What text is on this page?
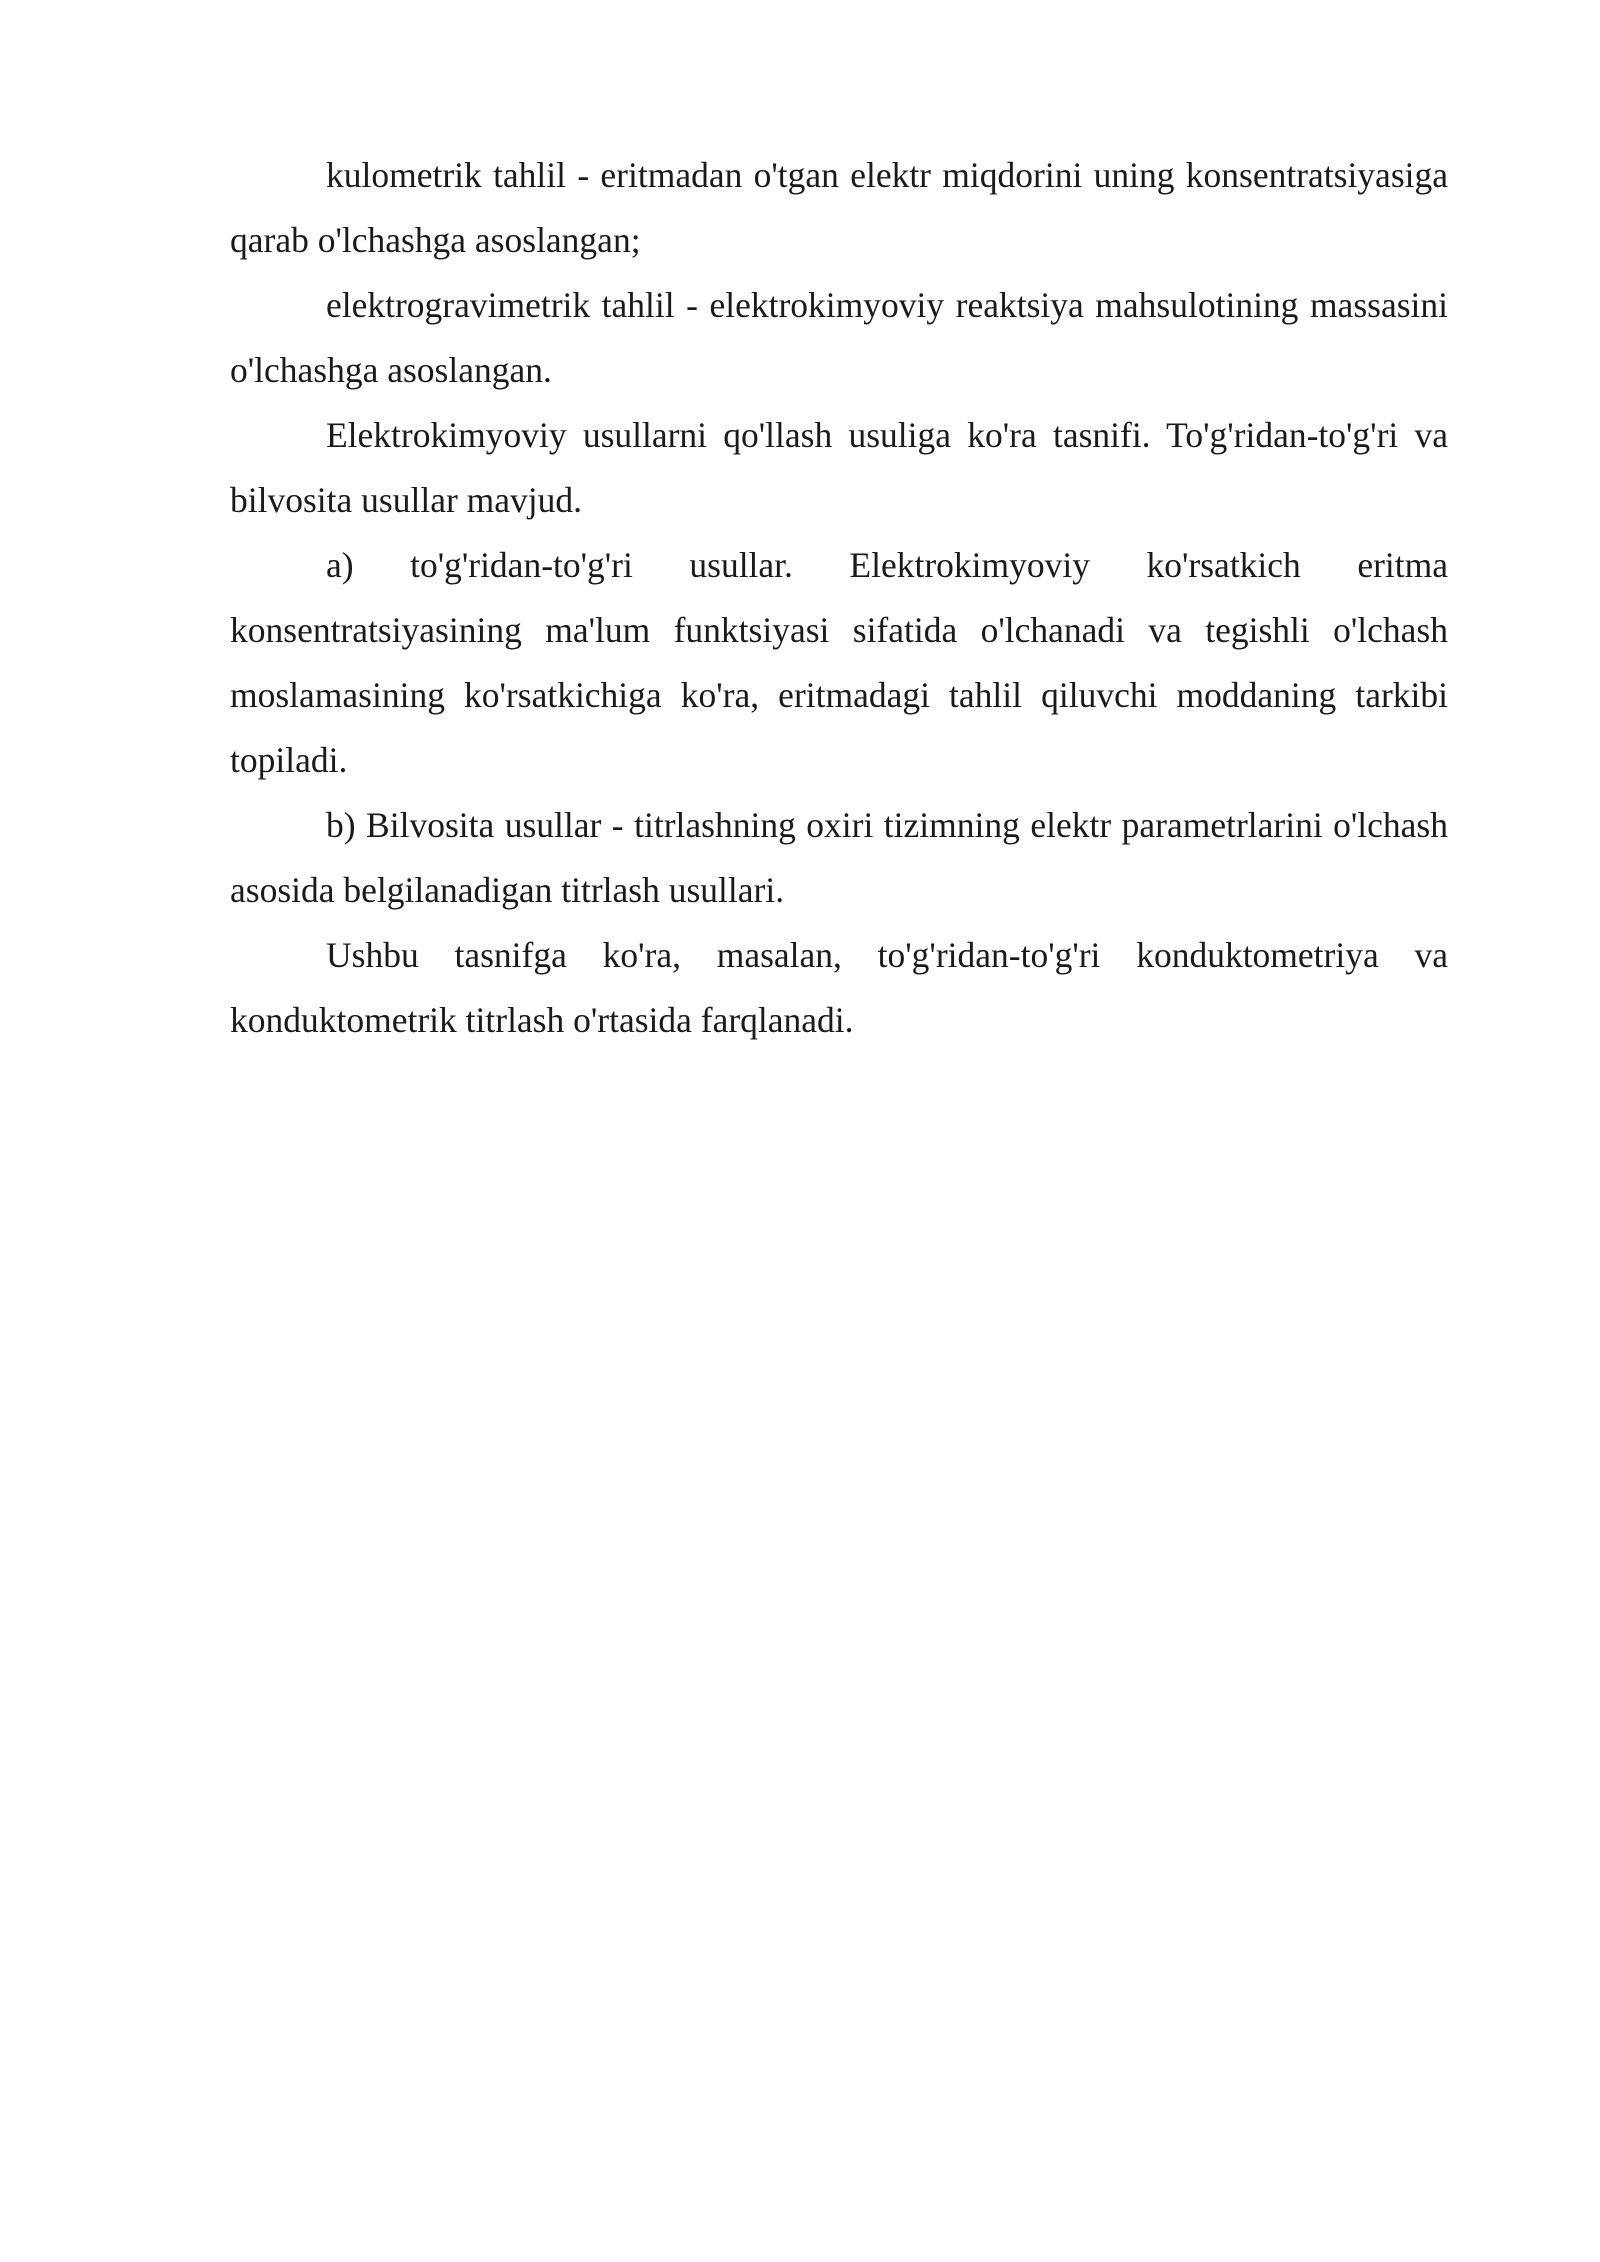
kulometrik tahlil - eritmadan o'tgan elektr miqdorini uning konsentratsiyasiga qarab o'lchashga asoslangan;

elektrogravimetrik tahlil - elektrokimyoviy reaktsiya mahsulotining massasini o'lchashga asoslangan.

Elektrokimyoviy usullarni qo'llash usuliga ko'ra tasnifi. To'g'ridan-to'g'ri va bilvosita usullar mavjud.

a) to'g'ridan-to'g'ri usullar. Elektrokimyoviy ko'rsatkich eritma konsentratsiyasining ma'lum funktsiyasi sifatida o'lchanadi va tegishli o'lchash moslamasining ko'rsatkichiga ko'ra, eritmadagi tahlil qiluvchi moddaning tarkibi topiladi.

b) Bilvosita usullar - titrlashning oxiri tizimning elektr parametrlarini o'lchash asosida belgilanadigan titrlash usullari.

Ushbu tasnifga ko'ra, masalan, to'g'ridan-to'g'ri konduktometriya va konduktometrik titrlash o'rtasida farqlanadi.
